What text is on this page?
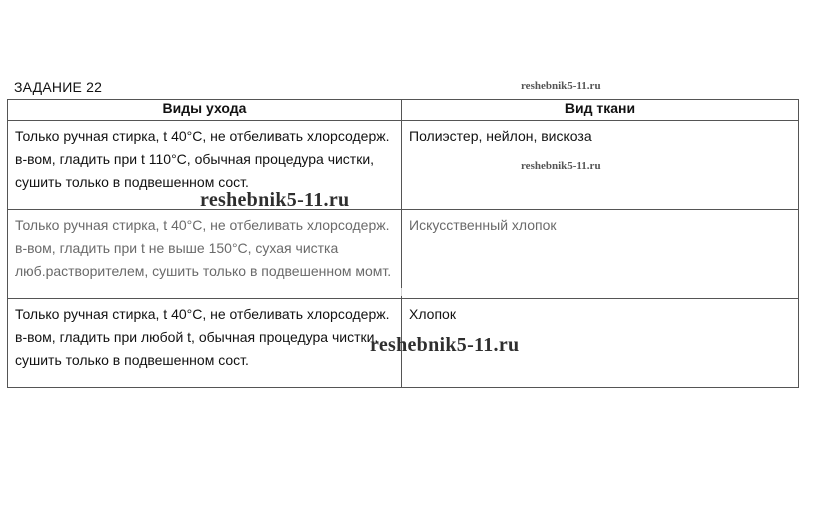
ЗАДАНИЕ 22
Виды ухода	Вид ткани
Только ручная стирка, t 40°С, не отбеливать хлорсодерж. в-вом, гладить при t 110°С, обычная процедура чистки, сушить только в подвешенном сост.	Полиэстер, нейлон, вискоза
Только ручная стирка, t 40°С, не отбеливать хлорсодерж. в-вом, гладить при t не выше 150°С, сухая чистка люб.растворителем, сушить только в подвешенном момт.	Искусственный хлопок
Только ручная стирка, t 40°С, не отбеливать хлорсодерж. в-вом, гладить при любой t, обычная процедура чистки, сушить только в подвешенном сост.	Хлопок
reshebnik5-11.ru
reshebnik5-11.ru
reshebnik5-11.ru
reshebnik5-11.ru
